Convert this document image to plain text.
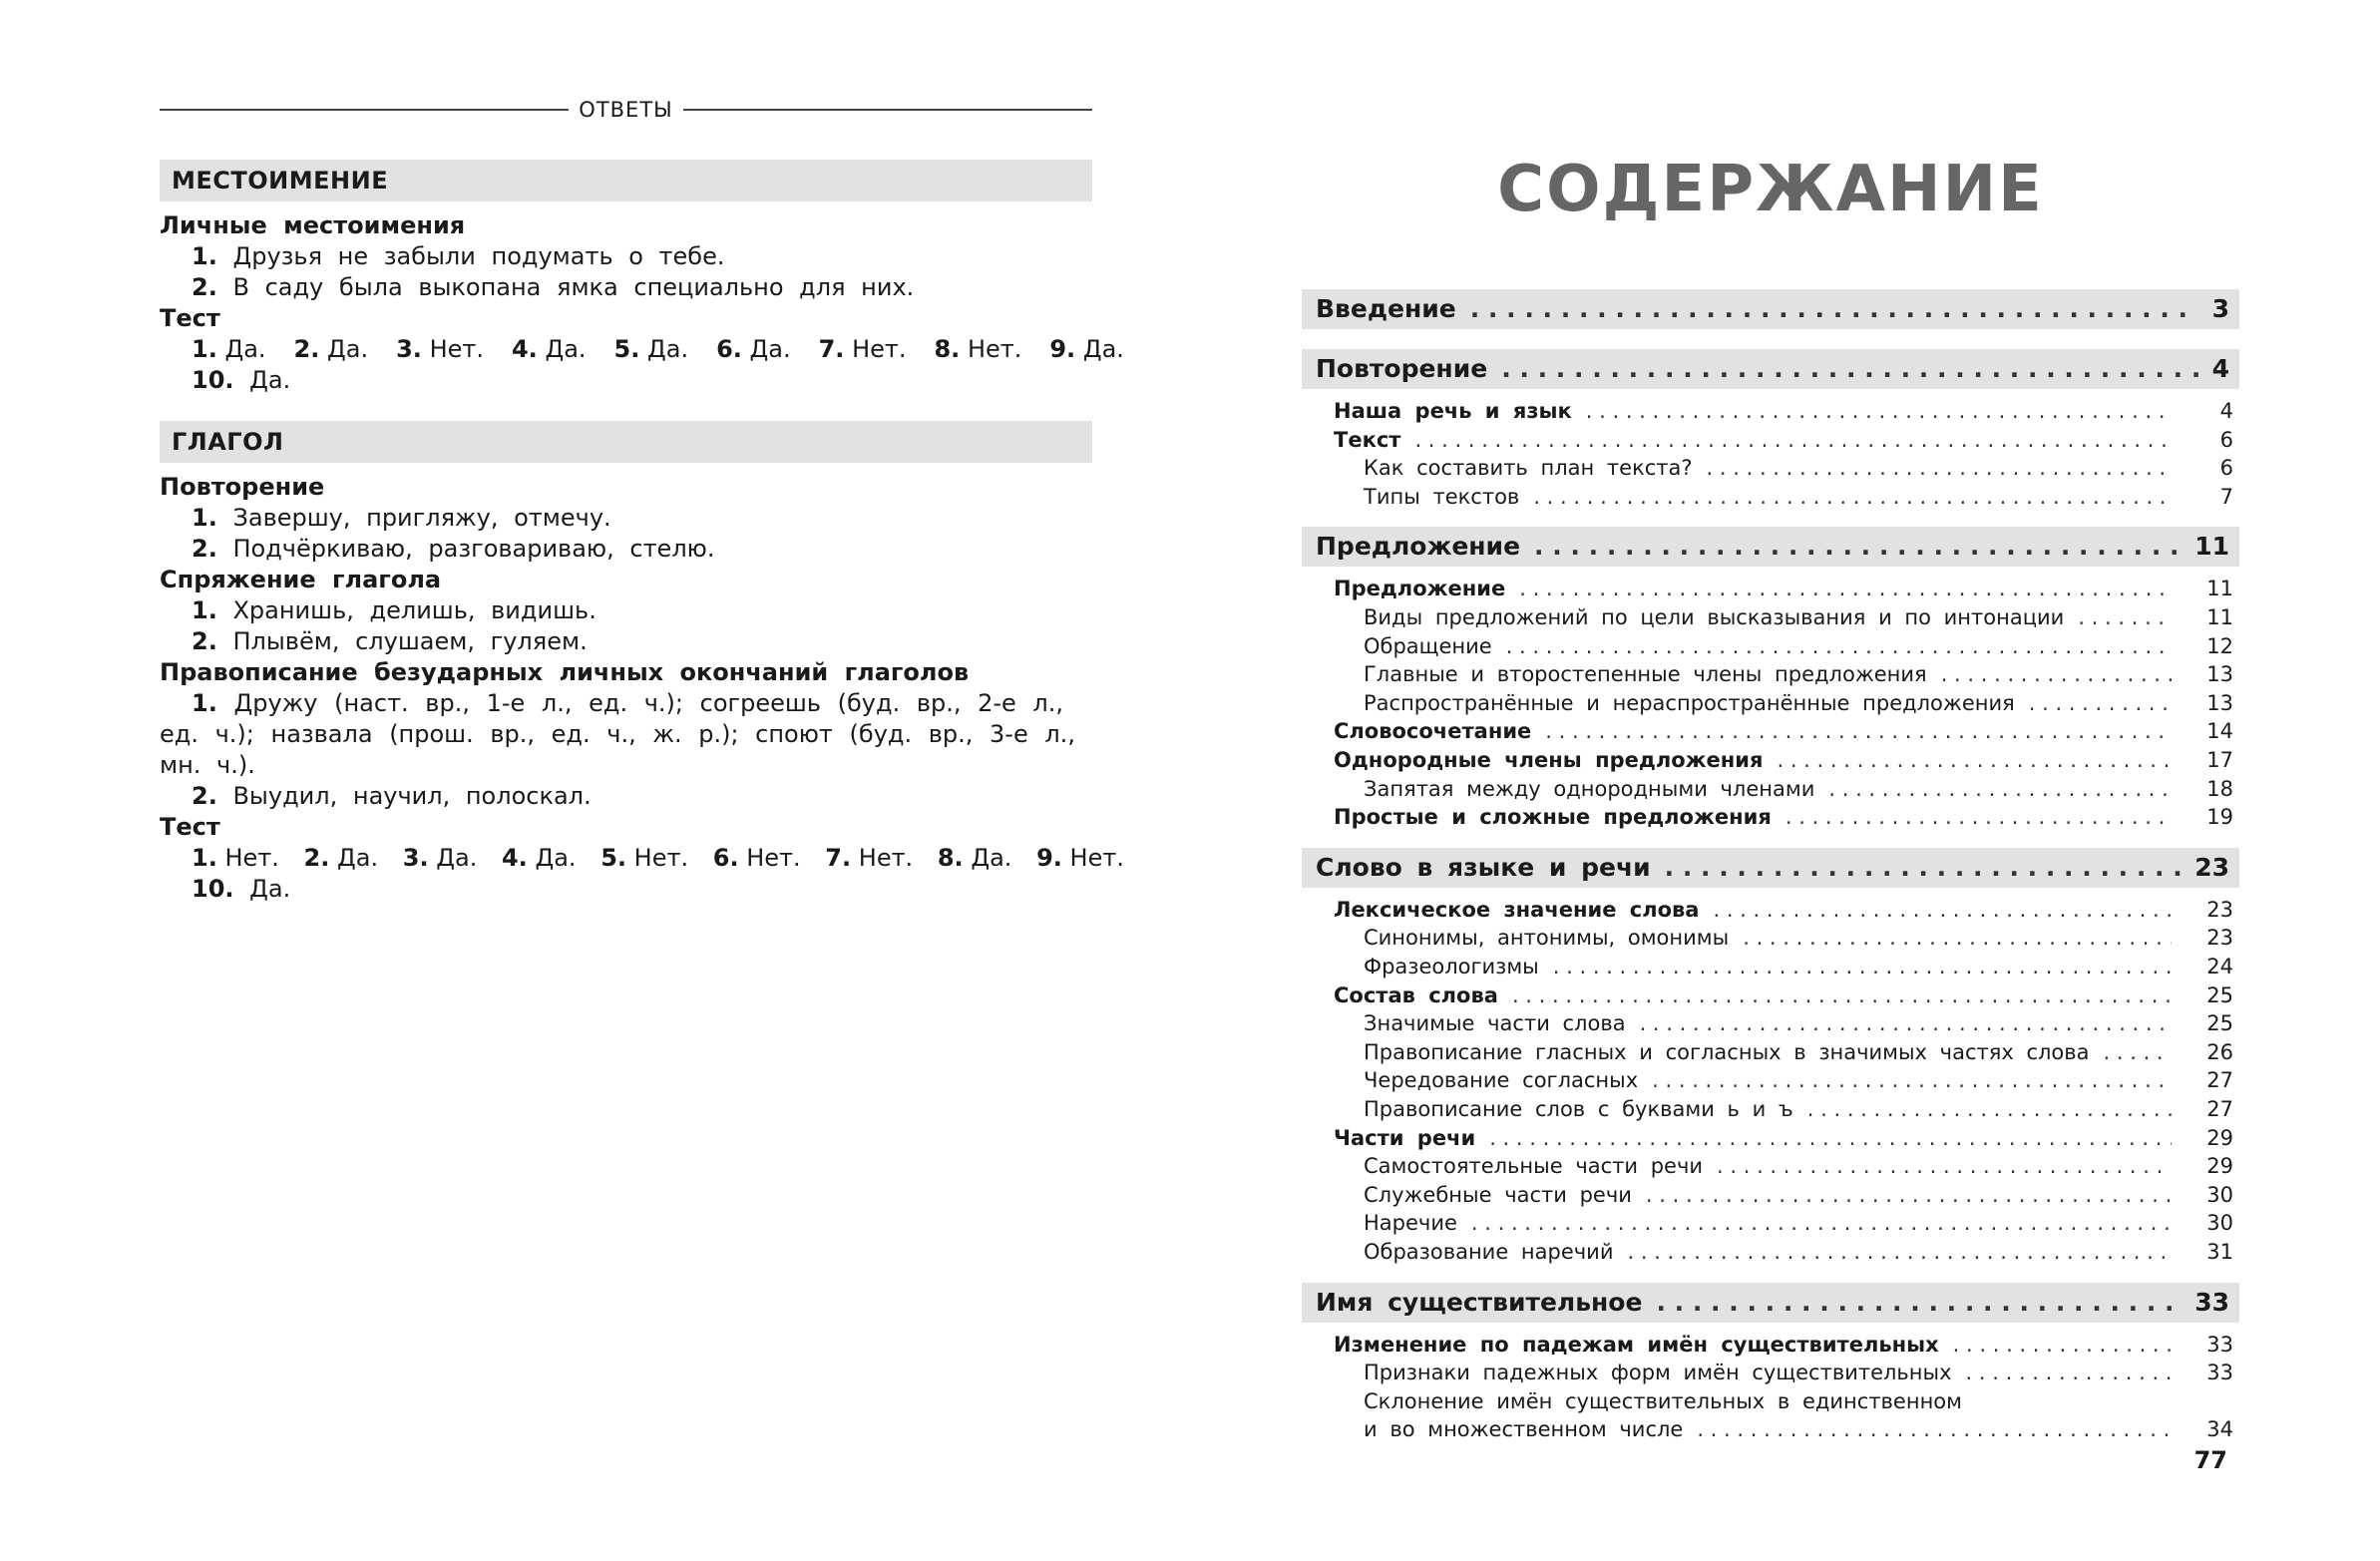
ОТВЕТЫ
МЕСТОИМЕНИЕ
Личные местоимения
1. Друзья не забыли подумать о тебе.
2. В саду была выкопана ямка специально для них.
Тест
1. Да. 2. Да. 3. Нет. 4. Да. 5. Да. 6. Да. 7. Нет. 8. Нет. 9. Да.
10. Да.
ГЛАГОЛ
Повторение
1. Завершу, пригляжу, отмечу.
2. Подчёркиваю, разговариваю, стелю.
Спряжение глагола
1. Хранишь, делишь, видишь.
2. Плывём, слушаем, гуляем.
Правописание безударных личных окончаний глаголов
1. Дружу (наст. вр., 1-е л., ед. ч.); согреешь (буд. вр., 2-е л.,
ед. ч.); назвала (прош. вр., ед. ч., ж. р.); споют (буд. вр., 3-е л.,
мн. ч.).
2. Выудил, научил, полоскал.
Тест
1. Нет. 2. Да. 3. Да. 4. Да. 5. Нет. 6. Нет. 7. Нет. 8. Да. 9. Нет.
10. Да.
СОДЕРЖАНИЕ
Введение . . .	3
Повторение . . .	4
Наша речь и язык . . .	4
Текст . . .	6
Как составить план текста? . . .	6
Типы текстов . . .	7
Предложение . . .	11
Предложение . . .	11
Виды предложений по цели высказывания и по интонации . . .	11
Обращение . . .	12
Главные и второстепенные члены предложения . . .	13
Распространённые и нераспространённые предложения . . .	13
Словосочетание . . .	14
Однородные члены предложения . . .	17
Запятая между однородными членами . . .	18
Простые и сложные предложения . . .	19
Слово в языке и речи . . .	23
Лексическое значение слова . . .	23
Синонимы, антонимы, омонимы . . .	23
Фразеологизмы . . .	24
Состав слова . . .	25
Значимые части слова . . .	25
Правописание гласных и согласных в значимых частях слова . . .	26
Чередование согласных . . .	27
Правописание слов с буквами ь и ъ . . .	27
Части речи . . .	29
Самостоятельные части речи . . .	29
Служебные части речи . . .	30
Наречие . . .	30
Образование наречий . . .	31
Имя существительное . . .	33
Изменение по падежам имён существительных . . .	33
Признаки падежных форм имён существительных . . .	33
Склонение имён существительных в единственном
и во множественном числе . . .	34
77
